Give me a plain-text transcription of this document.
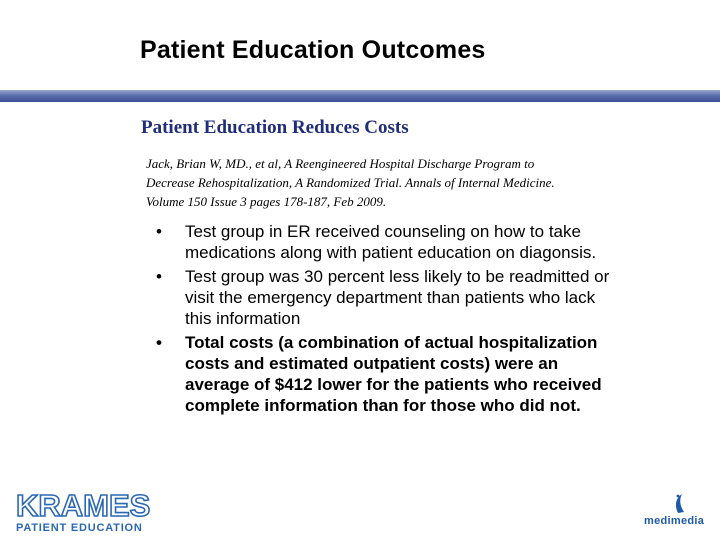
Patient Education Outcomes
Patient Education Reduces Costs
Jack, Brian W, MD., et al, A Reengineered Hospital Discharge Program to
Decrease Rehospitalization, A Randomized Trial. Annals of Internal Medicine.
Volume 150 Issue 3 pages 178-187, Feb 2009.
• Test group in ER received counseling on how to take
medications along with patient education on diagonsis.
• Test group was 30 percent less likely to be readmitted or
visit the emergency department than patients who lack
this information
• Total costs (a combination of actual hospitalization
costs and estimated outpatient costs) were an
average of $412 lower for the patients who received
complete information than for those who did not.
KRAMES
PATIENT EDUCATION
medimedia
